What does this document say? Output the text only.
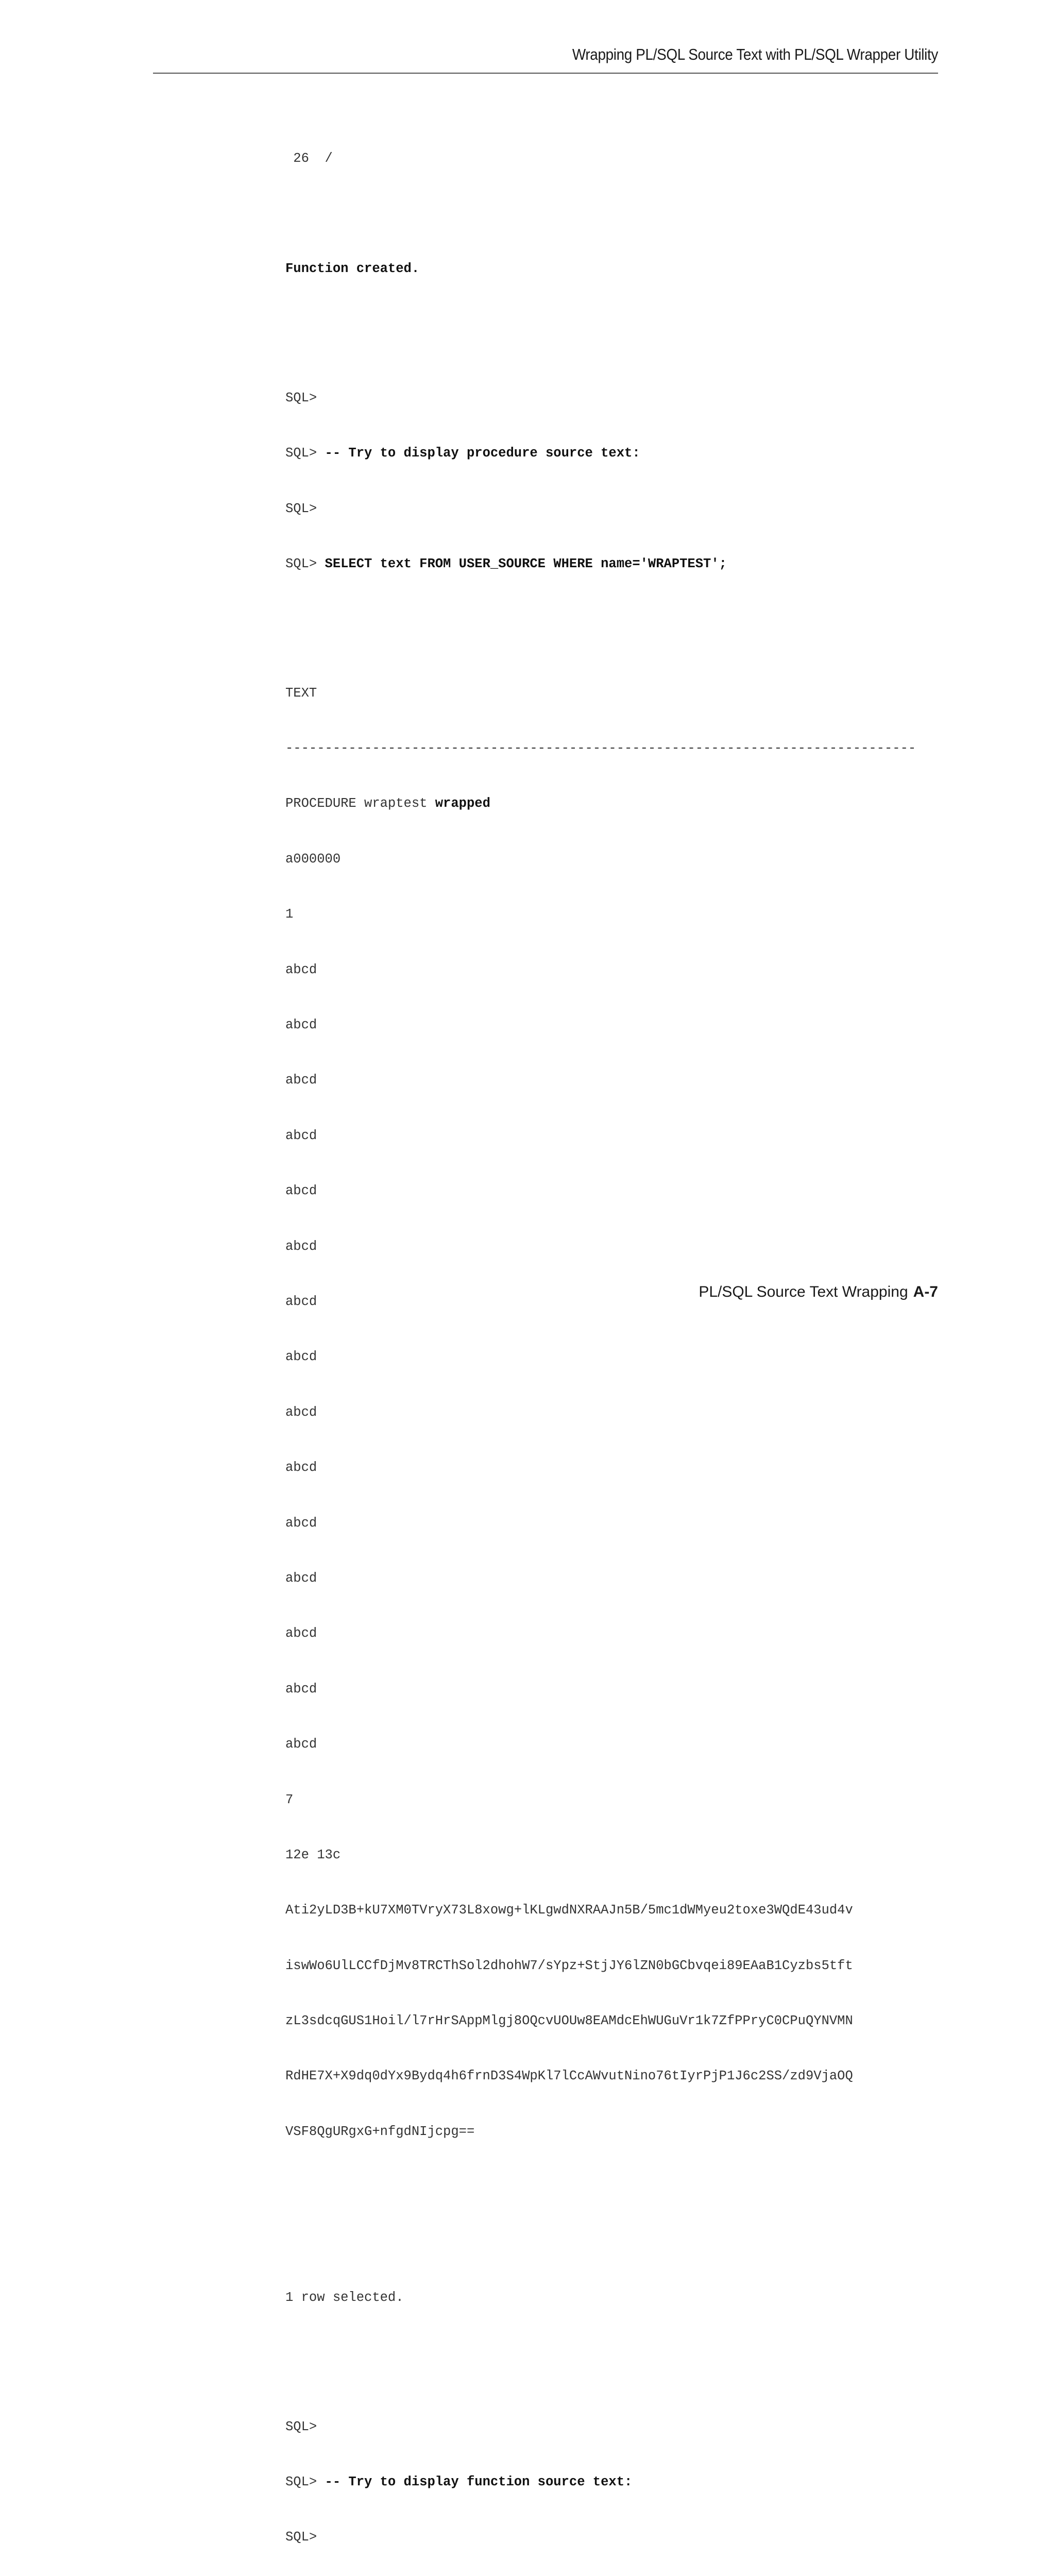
Wrapping PL/SQL Source Text with PL/SQL Wrapper Utility

26  /

Function created.

SQL>

SQL> -- Try to display procedure source text:

SQL>

SQL> SELECT text FROM USER_SOURCE WHERE name='WRAPTEST';

TEXT

--------------------------------------------------------------------------------

PROCEDURE wraptest wrapped

a000000

1

abcd

abcd

abcd

abcd

abcd

abcd

abcd

abcd

abcd

abcd

abcd

abcd

abcd

abcd

abcd

7

12e 13c

Ati2yLD3B+kU7XM0TVryX73L8xowg+lKLgwdNXRAAJn5B/5mc1dWMyeu2toxe3WQdE43ud4v

iswWo6UlLCCfDjMv8TRCThSol2dhohW7/sYpz+StjJY6lZN0bGCbvqei89EAaB1Cyzbs5tft

zL3sdcqGUS1Hoil/l7rHrSAppMlgj8OQcvUOUw8EAMdcEhWUGuVr1k7ZfPPryC0CPuQYNVMN

RdHE7X+X9dq0dYx9Bydq4h6frnD3S4WpKl7lCcAWvutNino76tIyrPjP1J6c2SS/zd9VjaOQ

VSF8QgURgxG+nfgdNIjcpg==

1 row selected.

SQL>

SQL> -- Try to display function source text:

SQL>

PL/SQL Source Text Wrapping A-7
